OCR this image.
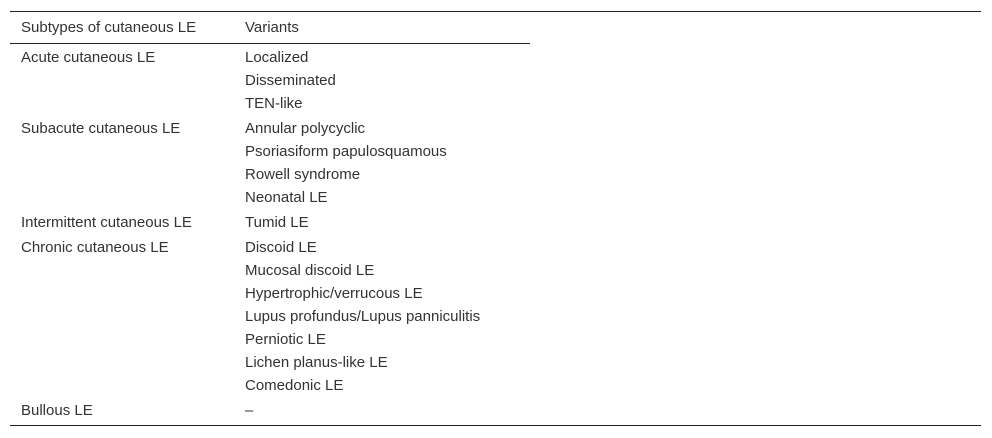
Subtypes of cutaneous LE	Variants
Acute cutaneous LE	Localized
Disseminated
TEN-like
Subacute cutaneous LE	Annular polycyclic
Psoriasiform papulosquamous
Rowell syndrome
Neonatal LE
Intermittent cutaneous LE	Tumid LE
Chronic cutaneous LE	Discoid LE
Mucosal discoid LE
Hypertrophic/verrucous LE
Lupus profundus/Lupus panniculitis
Perniotic LE
Lichen planus-like LE
Comedonic LE
Bullous LE	–
